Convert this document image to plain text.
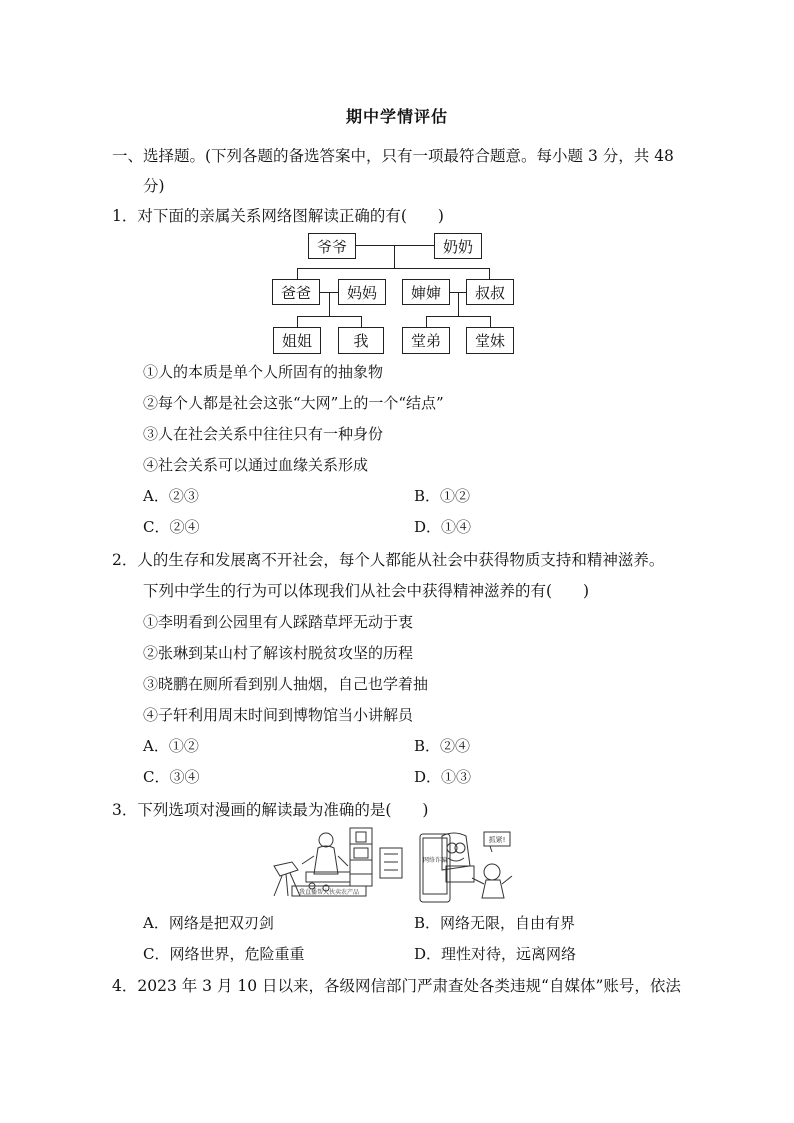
期中学情评估
一、选择题。(下列各题的备选答案中，只有一项最符合题意。每小题 3 分，共 48
分)
1．对下面的亲属关系网络图解读正确的有(　　)
爷爷	奶奶
爸爸	妈妈	婶婶	叔叔
姐姐	我	堂弟	堂妹
①人的本质是单个人所固有的抽象物
②每个人都是社会这张“大网”上的一个“结点”
③人在社会关系中往往只有一种身份
④社会关系可以通过血缘关系形成
A．②③	B．①②
C．②④	D．①④
2．人的生存和发展离不开社会，每个人都能从社会中获得物质支持和精神滋养。
下列中学生的行为可以体现我们从社会中获得精神滋养的有(　　)
①李明看到公园里有人踩踏草坪无动于衷
②张琳到某山村了解该村脱贫攻坚的历程
③晓鹏在厕所看到别人抽烟，自己也学着抽
④子轩利用周末时间到博物馆当小讲解员
A．①②	B．②④
C．③④	D．①③
3．下列选项对漫画的解读最为准确的是(　　)
我直播帮大伙卖农产品
网络诈骗
抓紧!
A．网络是把双刃剑	B．网络无限，自由有界
C．网络世界，危险重重	D．理性对待，远离网络
4．2023 年 3 月 10 日以来，各级网信部门严肃查处各类违规“自媒体”账号，依法
